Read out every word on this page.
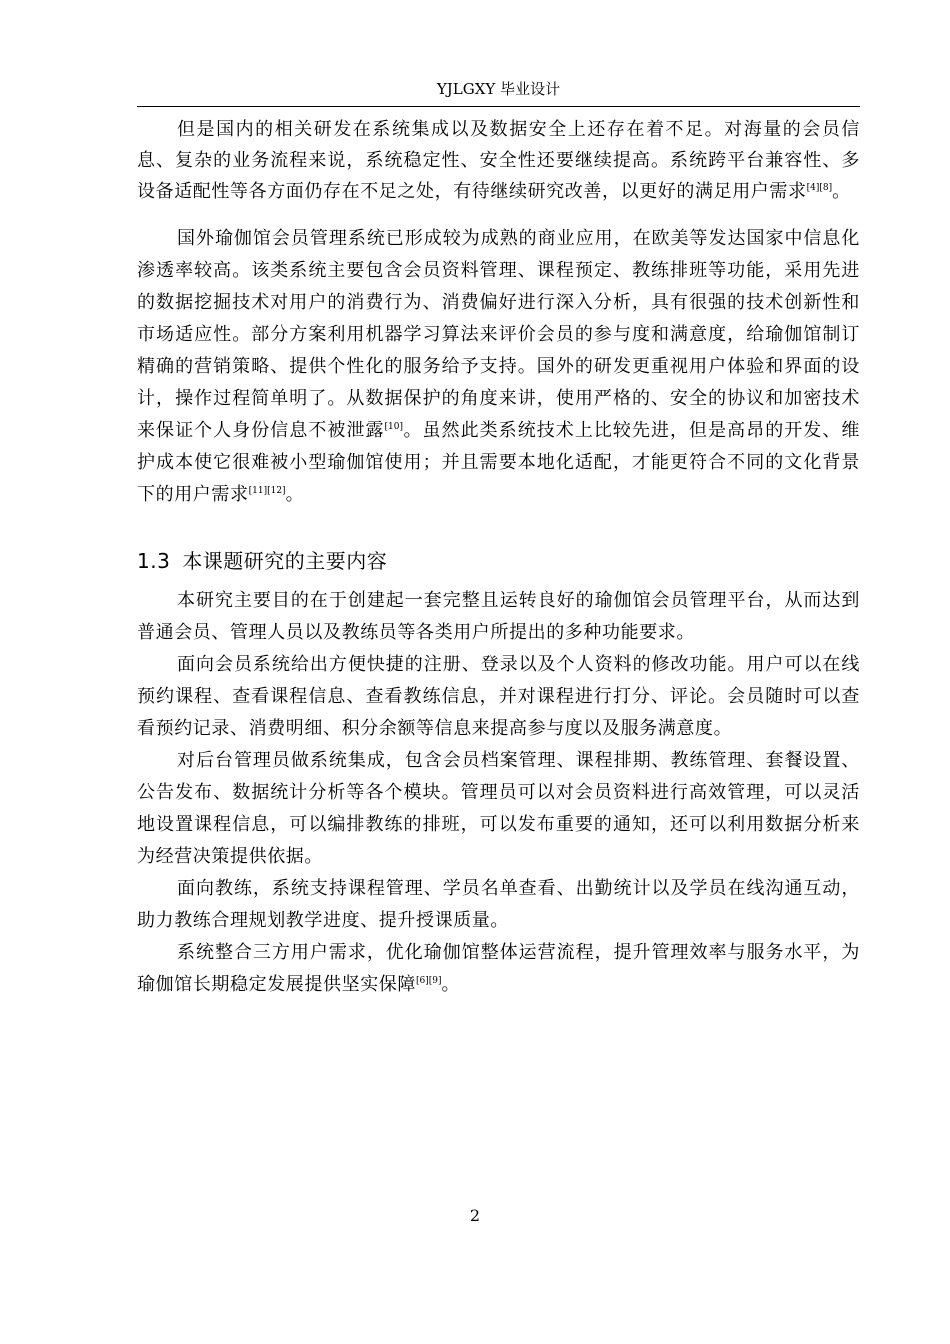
YJLGXY 毕业设计

但是国内的相关研发在系统集成以及数据安全上还存在着不足。对海量的会员信息、复杂的业务流程来说，系统稳定性、安全性还要继续提高。系统跨平台兼容性、多设备适配性等各方面仍存在不足之处，有待继续研究改善，以更好的满足用户需求[4][8]。

国外瑜伽馆会员管理系统已形成较为成熟的商业应用，在欧美等发达国家中信息化渗透率较高。该类系统主要包含会员资料管理、课程预定、教练排班等功能，采用先进的数据挖掘技术对用户的消费行为、消费偏好进行深入分析，具有很强的技术创新性和市场适应性。部分方案利用机器学习算法来评价会员的参与度和满意度，给瑜伽馆制订精确的营销策略、提供个性化的服务给予支持。国外的研发更重视用户体验和界面的设计，操作过程简单明了。从数据保护的角度来讲，使用严格的、安全的协议和加密技术来保证个人身份信息不被泄露[10]。虽然此类系统技术上比较先进，但是高昂的开发、维护成本使它很难被小型瑜伽馆使用；并且需要本地化适配，才能更符合不同的文化背景下的用户需求[11][12]。

1.3 本课题研究的主要内容

本研究主要目的在于创建起一套完整且运转良好的瑜伽馆会员管理平台，从而达到普通会员、管理人员以及教练员等各类用户所提出的多种功能要求。

面向会员系统给出方便快捷的注册、登录以及个人资料的修改功能。用户可以在线预约课程、查看课程信息、查看教练信息，并对课程进行打分、评论。会员随时可以查看预约记录、消费明细、积分余额等信息来提高参与度以及服务满意度。

对后台管理员做系统集成，包含会员档案管理、课程排期、教练管理、套餐设置、公告发布、数据统计分析等各个模块。管理员可以对会员资料进行高效管理，可以灵活地设置课程信息，可以编排教练的排班，可以发布重要的通知，还可以利用数据分析来为经营决策提供依据。

面向教练，系统支持课程管理、学员名单查看、出勤统计以及学员在线沟通互动，助力教练合理规划教学进度、提升授课质量。

系统整合三方用户需求，优化瑜伽馆整体运营流程，提升管理效率与服务水平，为瑜伽馆长期稳定发展提供坚实保障[6][9]。

2
